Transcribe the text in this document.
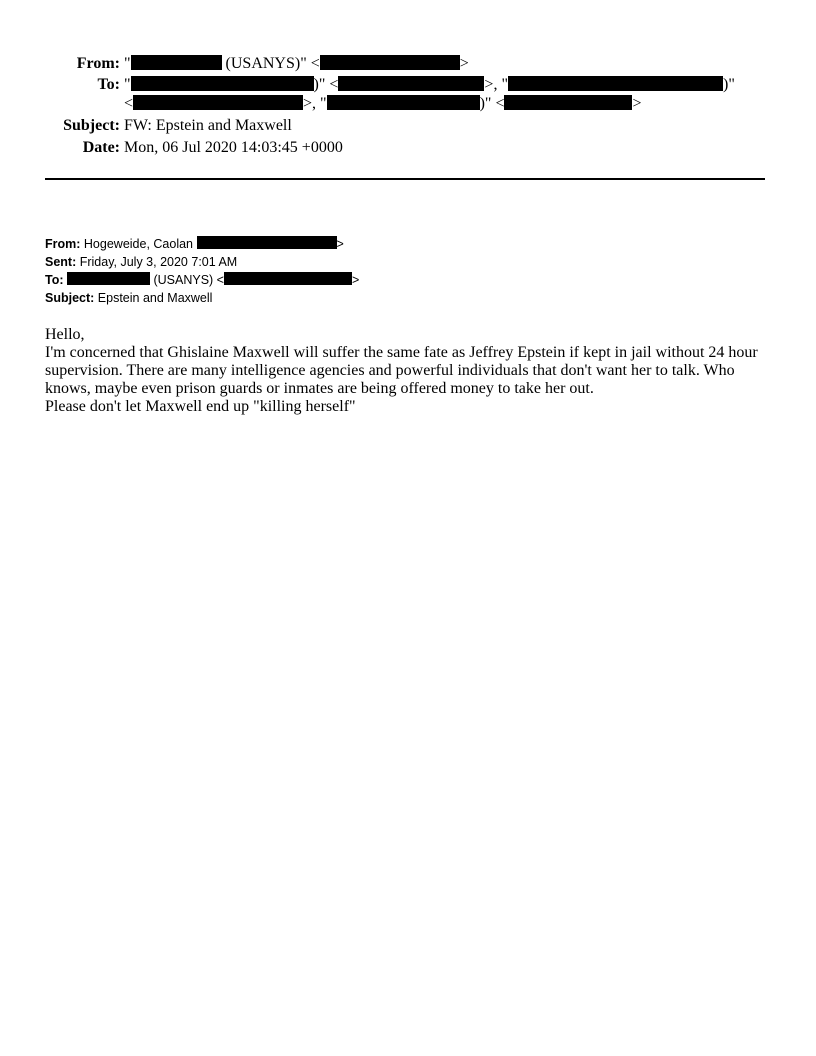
From: "	(USANYS)" <	>
To: "	)" <	>, "	)"
<	>, "	)" <	>
Subject: FW: Epstein and Maxwell
Date: Mon, 06 Jul 2020 14:03:45 +0000
From: Hogeweide, Caolan	>
Sent: Friday, July 3, 2020 7:01 AM
To:	(USANYS) <	>
Subject: Epstein and Maxwell

Hello,

I'm concerned that Ghislaine Maxwell will suffer the same fate as Jeffrey Epstein if kept in jail without 24 hour supervision. There are many intelligence agencies and powerful individuals that don't want her to talk. Who knows, maybe even prison guards or inmates are being offered money to take her out.

Please don't let Maxwell end up "killing herself"
